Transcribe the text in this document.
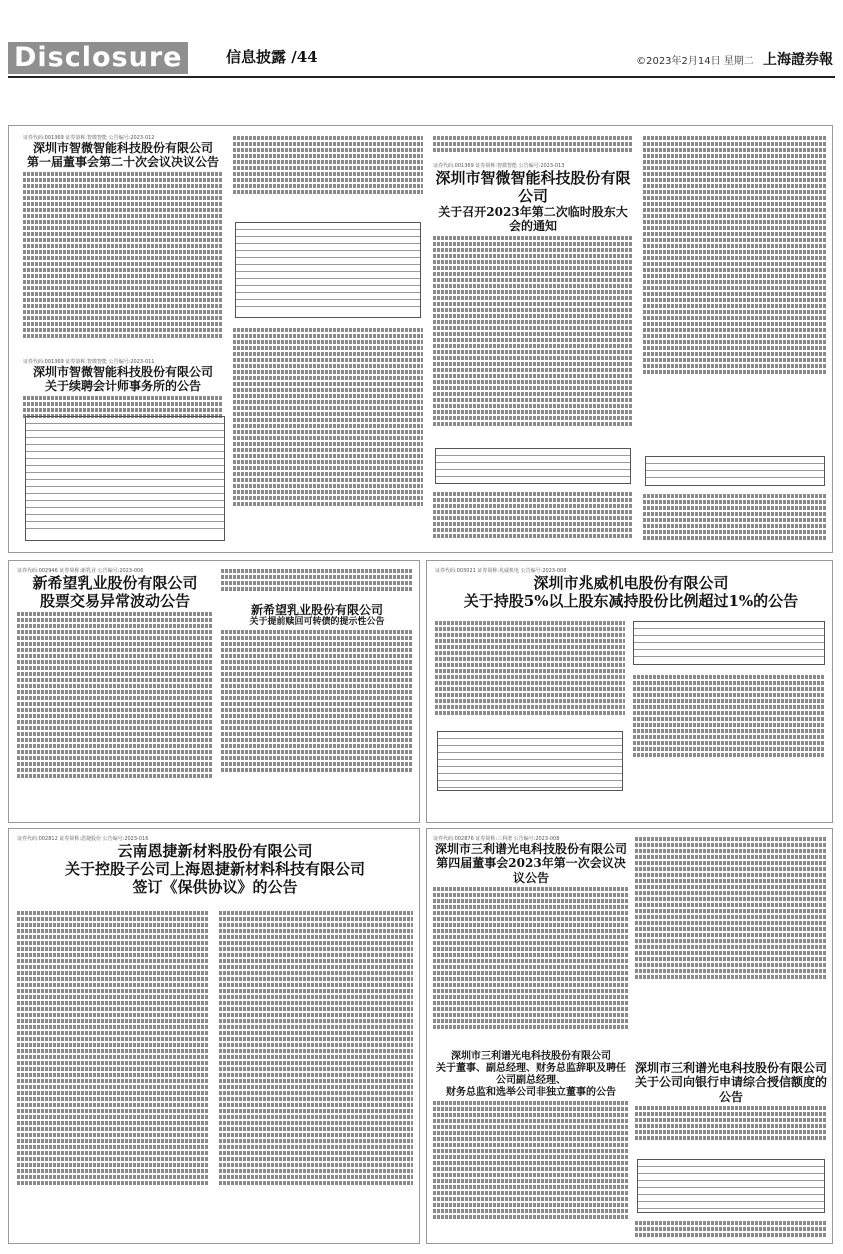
Disclosure	信息披露 /44	©2023年2月14日 星期二 上海證券報
证券代码:001369 证券简称:智微智能 公告编号:2023-012
深圳市智微智能科技股份有限公司
第一届董事会第二十次会议决议公告
证券代码:001369 证券简称:智微智能 公告编号:2023-011
深圳市智微智能科技股份有限公司
关于续聘会计师事务所的公告
证券代码:001369 证券简称:智微智能 公告编号:2023-013
深圳市智微智能科技股份有限公司
关于召开2023年第二次临时股东大会的通知
证券代码:002946 证券简称:新乳业 公告编号:2023-006
新希望乳业股份有限公司
股票交易异常波动公告	新希望乳业股份有限公司
关于提前赎回可转债的提示性公告
证券代码:003021 证券简称:兆威机电 公告编号:2023-008
深圳市兆威机电股份有限公司
关于持股5%以上股东减持股份比例超过1%的公告
证券代码:002812 证券简称:恩捷股份 公告编号:2023-016
云南恩捷新材料股份有限公司
关于控股子公司上海恩捷新材料科技有限公司
签订《保供协议》的公告
证券代码:002876 证券简称:三利谱 公告编号:2023-008
深圳市三利谱光电科技股份有限公司
第四届董事会2023年第一次会议决议公告
深圳市三利谱光电科技股份有限公司
关于董事、副总经理、财务总监辞职及聘任公司副总经理、
财务总监和选举公司非独立董事的公告
深圳市三利谱光电科技股份有限公司
关于公司向银行申请综合授信额度的公告
